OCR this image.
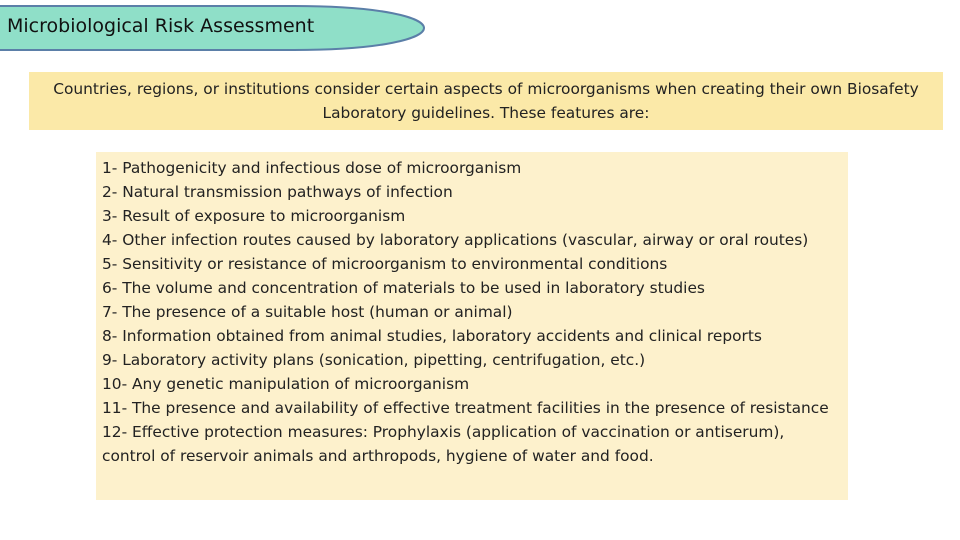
Microbiological Risk Assessment
Countries, regions, or institutions consider certain aspects of microorganisms when creating their own Biosafety Laboratory guidelines. These features are:
1- Pathogenicity and infectious dose of microorganism
2- Natural transmission pathways of infection
3- Result of exposure to microorganism
4- Other infection routes caused by laboratory applications (vascular, airway or oral routes)
5- Sensitivity or resistance of microorganism to environmental conditions
6- The volume and concentration of materials to be used in laboratory studies
7- The presence of a suitable host (human or animal)
8- Information obtained from animal studies, laboratory accidents and clinical reports
9- Laboratory activity plans (sonication, pipetting, centrifugation, etc.)
10- Any genetic manipulation of microorganism
11- The presence and availability of effective treatment facilities in the presence of resistance
12- Effective protection measures: Prophylaxis (application of vaccination or antiserum), control of reservoir animals and arthropods, hygiene of water and food.
